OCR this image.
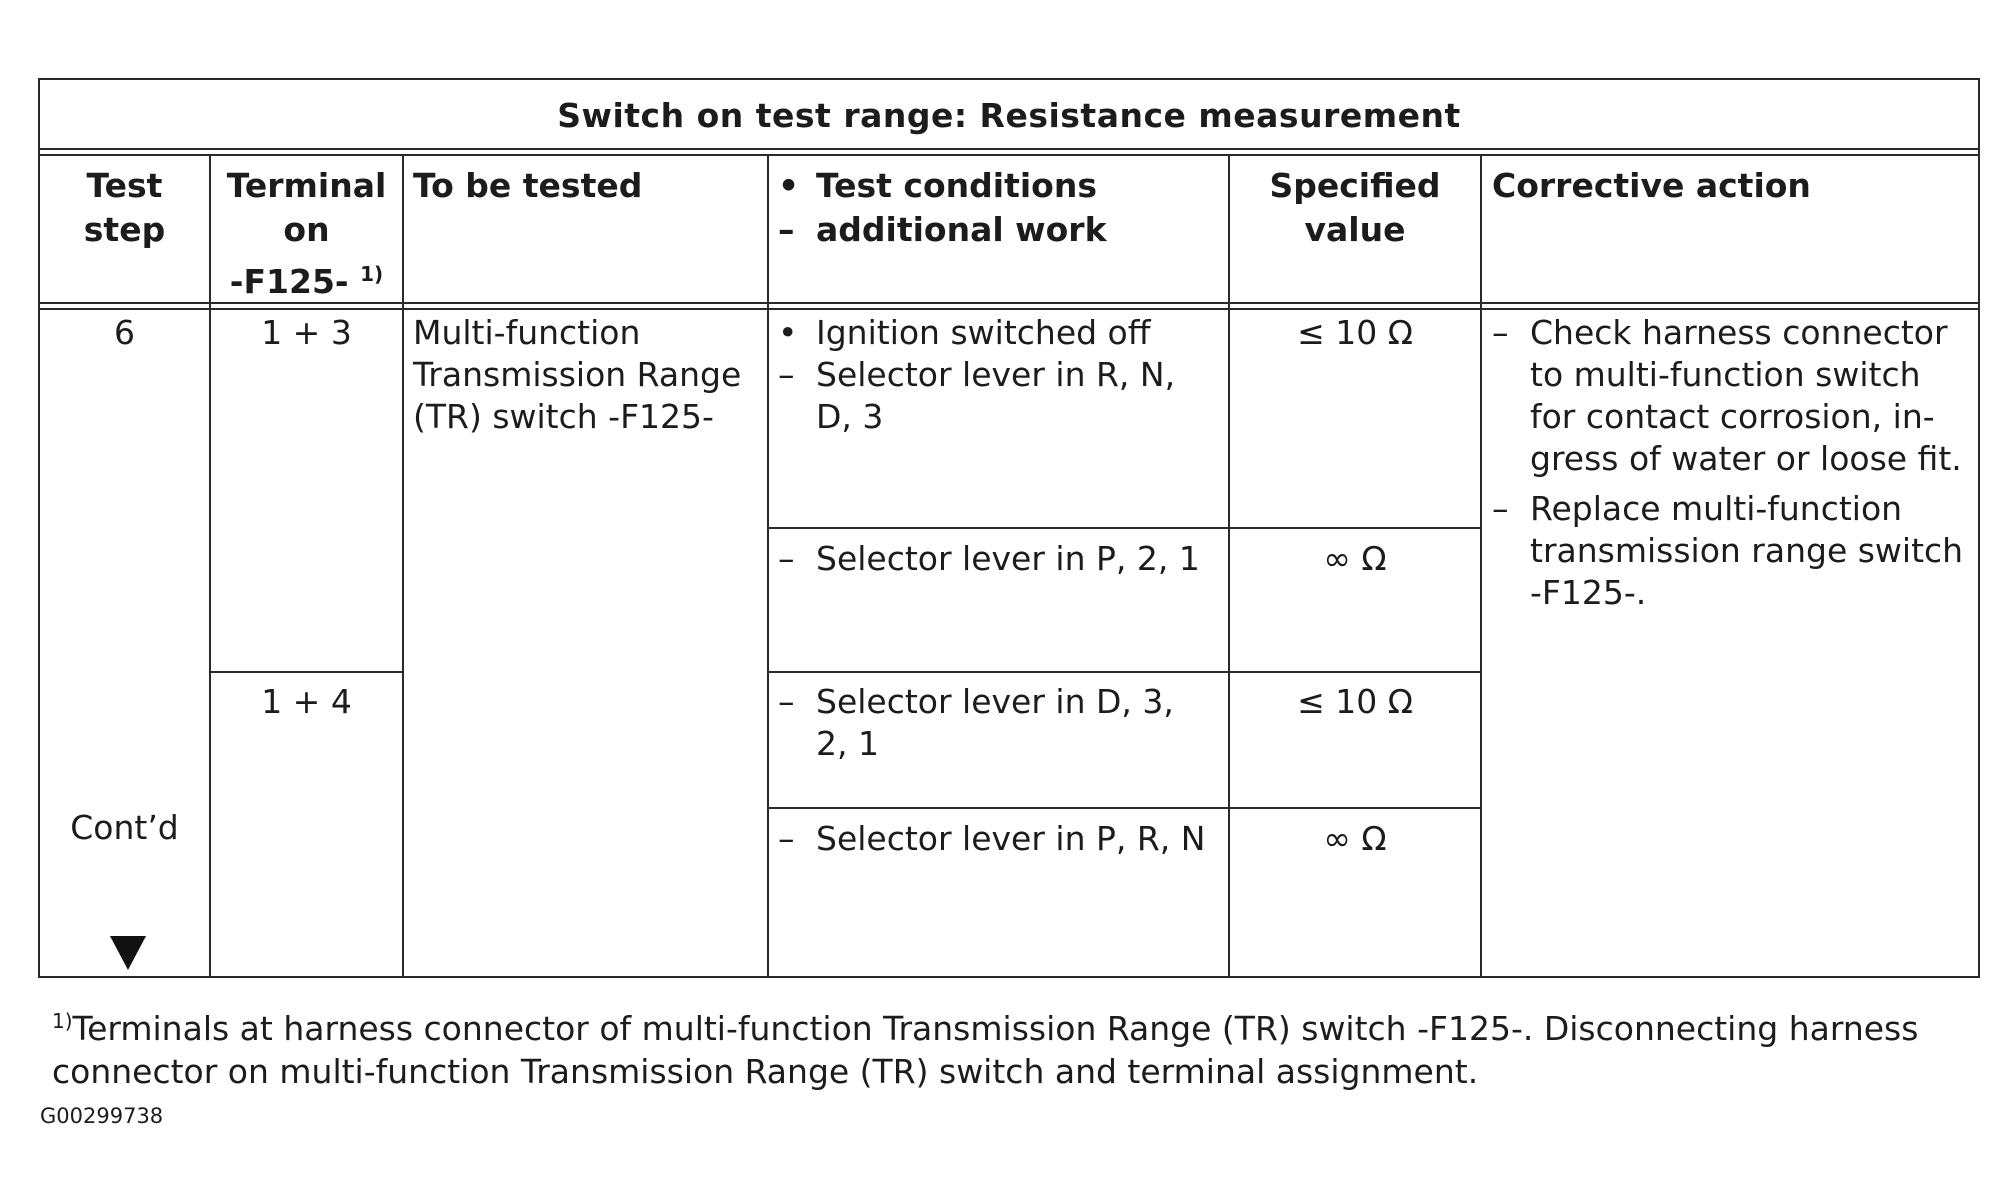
Switch on test range: Resistance measurement
Test
step
Terminal
on
-F125- $^{1)}$
To be tested	• Test conditions
– additional work
Specified
value
Corrective action
6
Cont’d
1 + 3
1 + 4
Multi-function
Transmission Range
(TR) switch -F125-
• Ignition switched off
– Selector lever in R, N, D, 3
– Selector lever in P, 2, 1
– Selector lever in D, 3, 2, 1
– Selector lever in P, R, N
≤ 10 Ω
∞ Ω
≤ 10 Ω
∞ Ω
– Check harness connector to multi-function switch for contact corrosion, in- gress of water or loose fit.
– Replace multi-function transmission range switch -F125-.
$^{1)}$Terminals at harness connector of multi-function Transmission Range (TR) switch -F125-. Disconnecting harness connector on multi-function Transmission Range (TR) switch and terminal assignment.
G00299738
